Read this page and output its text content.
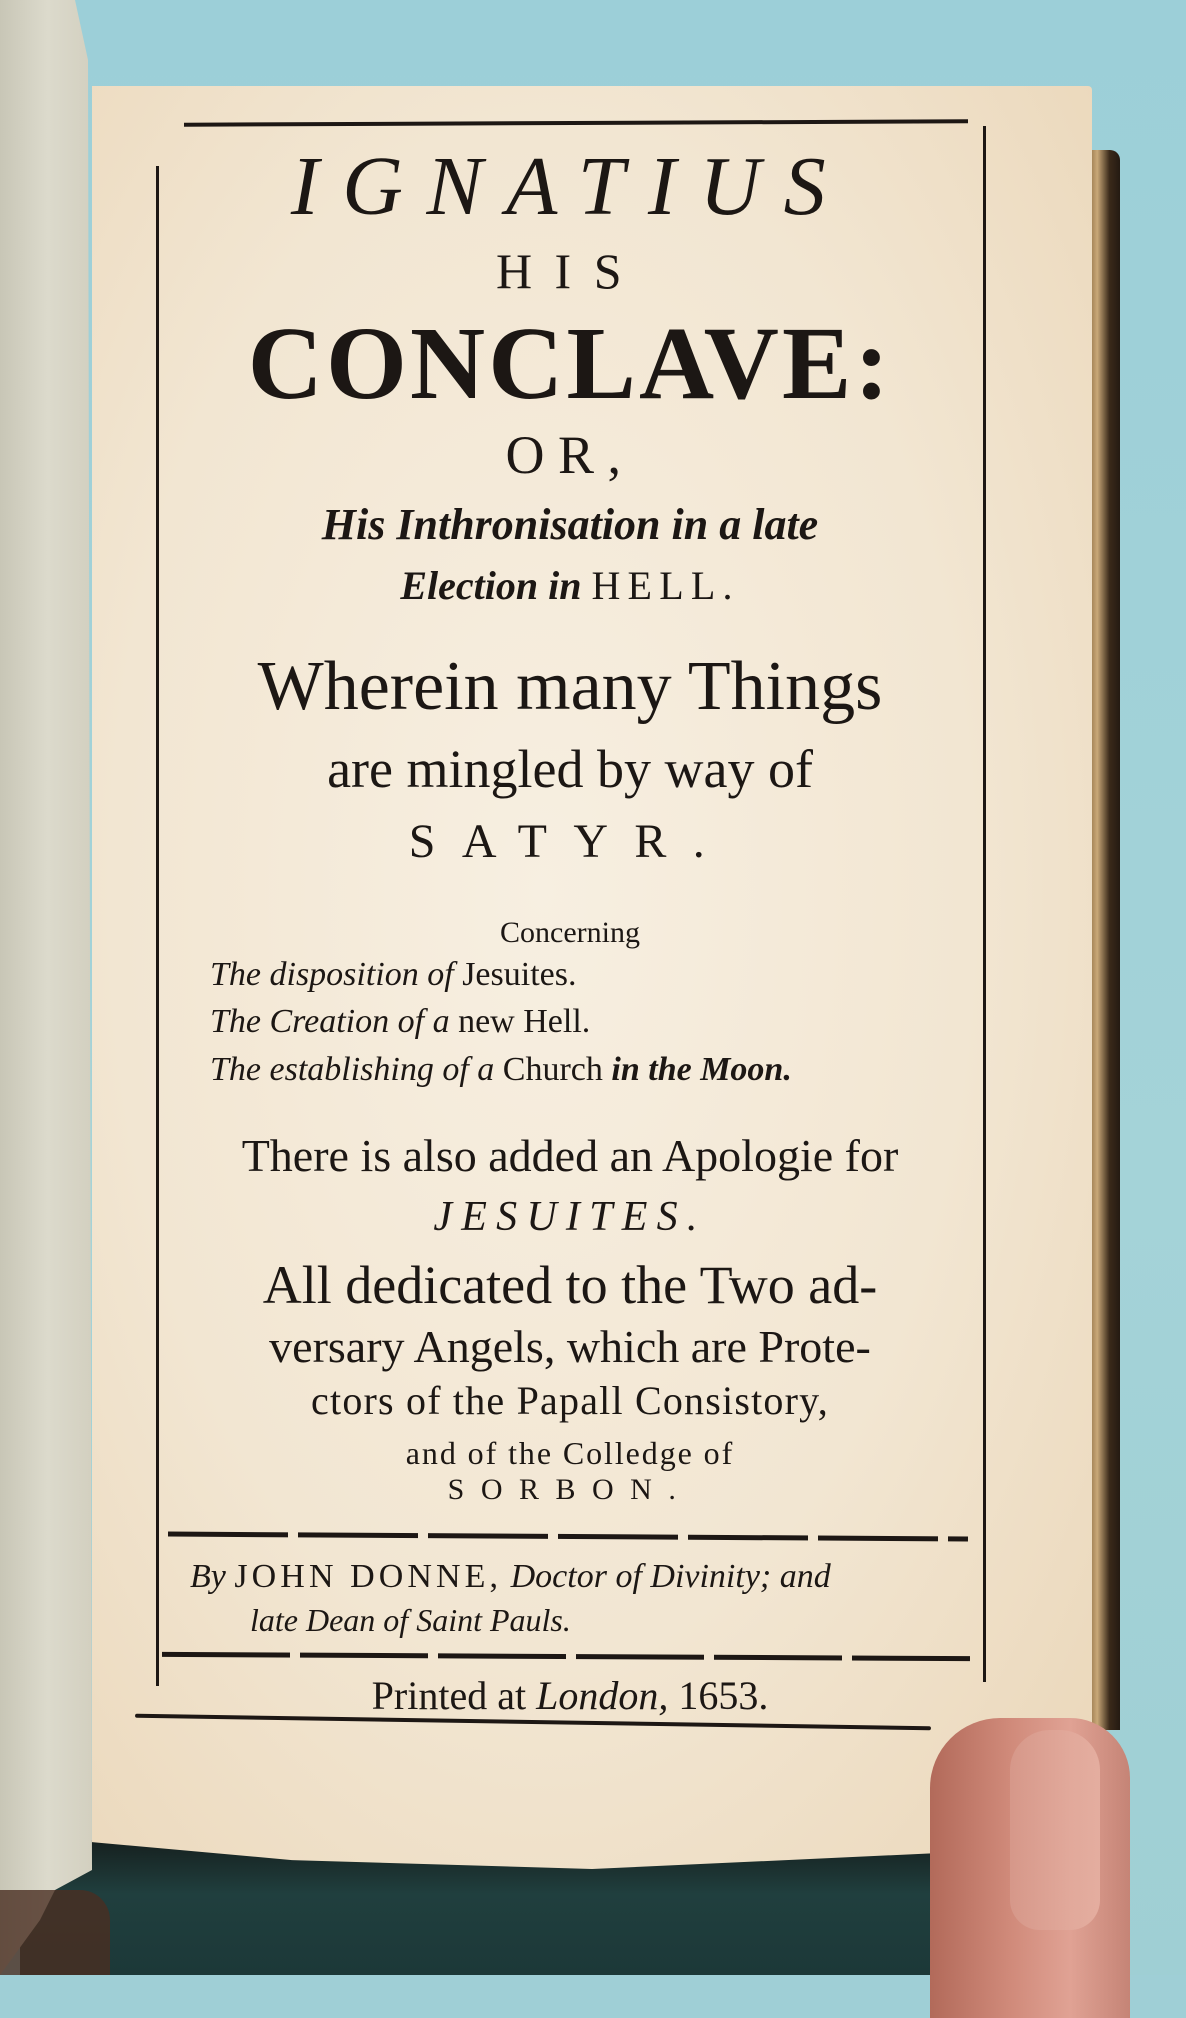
IGNATIUS
HIS
CONCLAVE:
OR,
His Inthronisation in a late
Election in HELL.
Wherein many Things
are mingled by way of
SATYR.
Concerning
The disposition of Jesuites.
The Creation of a new Hell.
The establishing of a Church in the Moon.
There is also added an Apologie for
JESUITES.
All dedicated to the Two ad-
versary Angels, which are Prote-
ctors of the Papall Consistory,
and of the Colledge of
SORBON.
By JOHN DONNE, Doctor of Divinity; and
late Dean of Saint Pauls.
Printed at London, 1653.
